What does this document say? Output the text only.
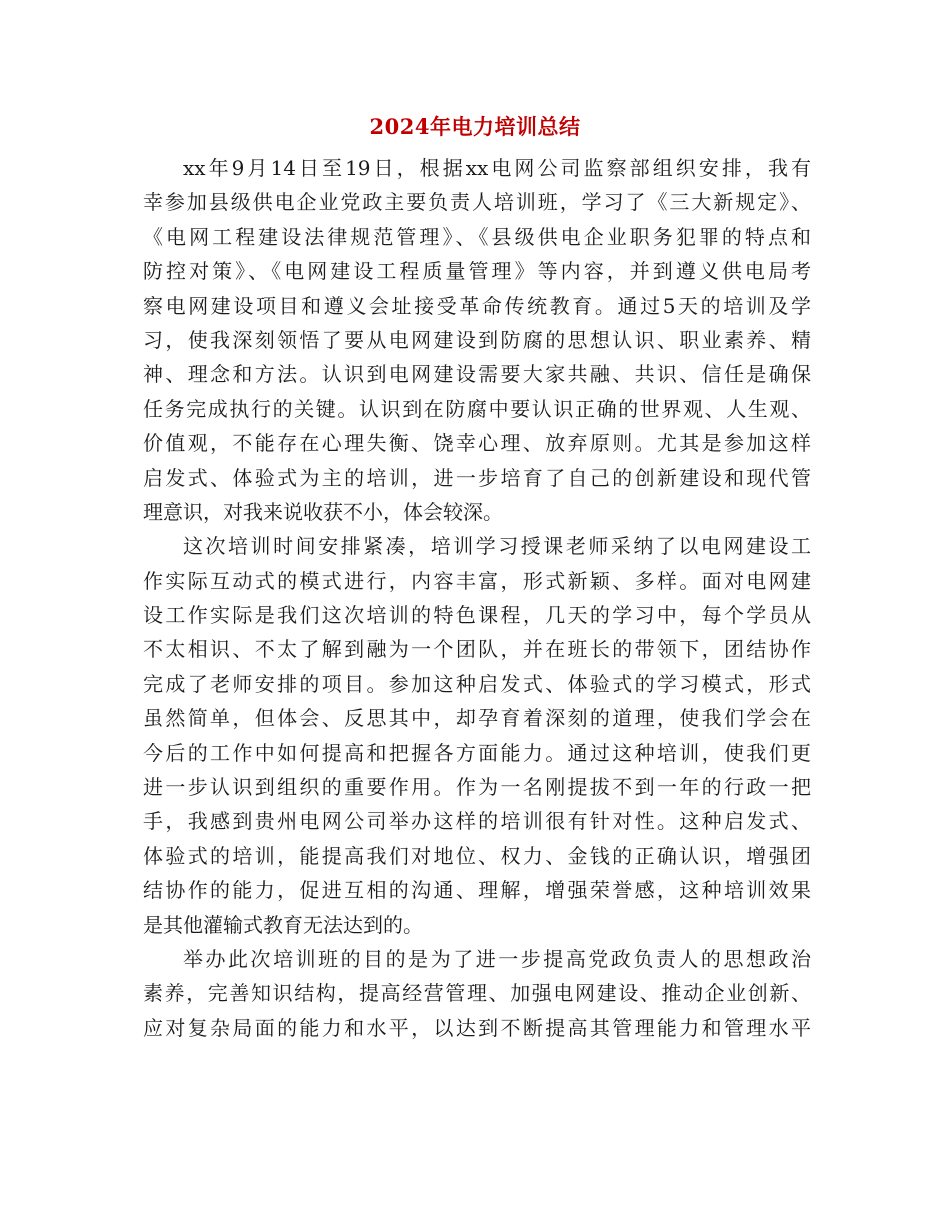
2024年电力培训总结
xx年9月14日至19日，根据xx电网公司监察部组织安排，我有
幸参加县级供电企业党政主要负责人培训班，学习了《三大新规定》、
《电网工程建设法律规范管理》、《县级供电企业职务犯罪的特点和
防控对策》、《电网建设工程质量管理》等内容，并到遵义供电局考
察电网建设项目和遵义会址接受革命传统教育。通过5天的培训及学
习，使我深刻领悟了要从电网建设到防腐的思想认识、职业素养、精
神、理念和方法。认识到电网建设需要大家共融、共识、信任是确保
任务完成执行的关键。认识到在防腐中要认识正确的世界观、人生观、
价值观，不能存在心理失衡、饶幸心理、放弃原则。尤其是参加这样
启发式、体验式为主的培训，进一步培育了自己的创新建设和现代管
理意识，对我来说收获不小，体会较深。
这次培训时间安排紧凑，培训学习授课老师采纳了以电网建设工
作实际互动式的模式进行，内容丰富，形式新颖、多样。面对电网建
设工作实际是我们这次培训的特色课程，几天的学习中，每个学员从
不太相识、不太了解到融为一个团队，并在班长的带领下，团结协作
完成了老师安排的项目。参加这种启发式、体验式的学习模式，形式
虽然简单，但体会、反思其中，却孕育着深刻的道理，使我们学会在
今后的工作中如何提高和把握各方面能力。通过这种培训，使我们更
进一步认识到组织的重要作用。作为一名刚提拔不到一年的行政一把
手，我感到贵州电网公司举办这样的培训很有针对性。这种启发式、
体验式的培训，能提高我们对地位、权力、金钱的正确认识，增强团
结协作的能力，促进互相的沟通、理解，增强荣誉感，这种培训效果
是其他灌输式教育无法达到的。
举办此次培训班的目的是为了进一步提高党政负责人的思想政治
素养，完善知识结构，提高经营管理、加强电网建设、推动企业创新、
应对复杂局面的能力和水平，以达到不断提高其管理能力和管理水平
